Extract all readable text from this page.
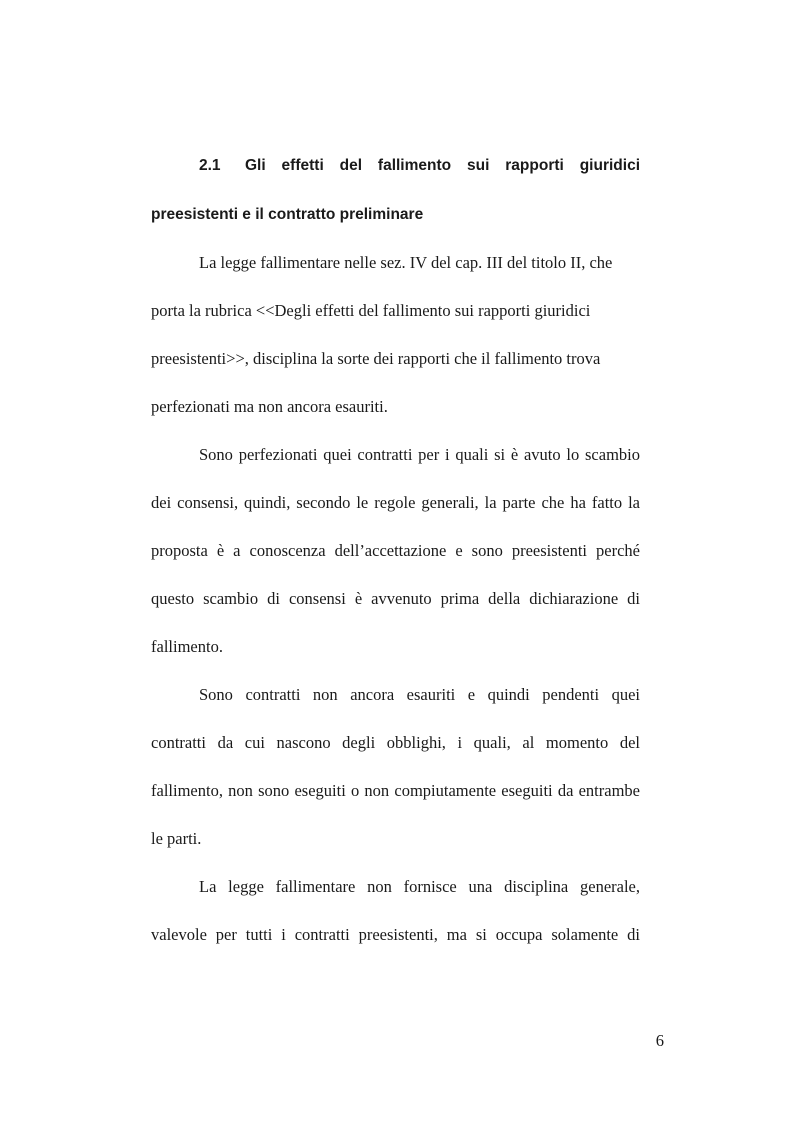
2.1 Gli effetti del fallimento sui rapporti giuridici
preesistenti e il contratto preliminare
La legge fallimentare nelle sez. IV del cap. III del titolo II, che
porta la rubrica <<Degli effetti del fallimento sui rapporti giuridici
preesistenti>>, disciplina la sorte dei rapporti che il fallimento trova
perfezionati ma non ancora esauriti.
Sono perfezionati quei contratti per i quali si è avuto lo scambio
dei consensi, quindi, secondo le regole generali, la parte che ha fatto la
proposta è a conoscenza dell’accettazione e sono preesistenti perché
questo scambio di consensi è avvenuto prima della dichiarazione di
fallimento.
Sono contratti non ancora esauriti e quindi pendenti quei
contratti da cui nascono degli obblighi, i quali, al momento del
fallimento, non sono eseguiti o non compiutamente eseguiti da entrambe
le parti.
La legge fallimentare non fornisce una disciplina generale,
valevole per tutti i contratti preesistenti, ma si occupa solamente di
6
